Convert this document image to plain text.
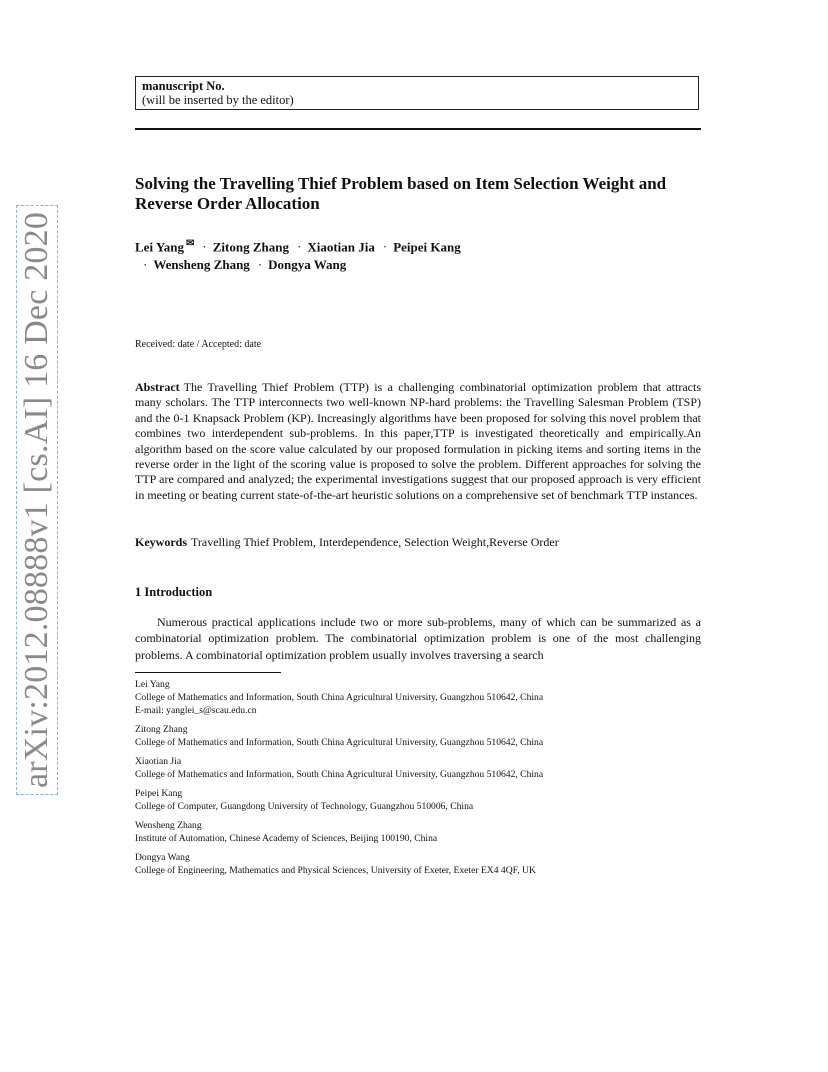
arXiv:2012.08888v1 [cs.AI] 16 Dec 2020
manuscript No.
(will be inserted by the editor)
Solving the Travelling Thief Problem based on Item Selection Weight and Reverse Order Allocation
Lei Yang ✉ · Zitong Zhang · Xiaotian Jia · Peipei Kang
· Wensheng Zhang · Dongya Wang
Received: date / Accepted: date
Abstract The Travelling Thief Problem (TTP) is a challenging combinatorial optimization problem that attracts many scholars. The TTP interconnects two well-known NP-hard problems: the Travelling Salesman Problem (TSP) and the 0-1 Knapsack Problem (KP). Increasingly algorithms have been proposed for solving this novel problem that combines two interdependent sub-problems. In this paper,TTP is investigated theoretically and empirically.An algorithm based on the score value calculated by our proposed formulation in picking items and sorting items in the reverse order in the light of the scoring value is proposed to solve the problem. Different approaches for solving the TTP are compared and analyzed; the experimental investigations suggest that our proposed approach is very efficient in meeting or beating current state-of-the-art heuristic solutions on a comprehensive set of benchmark TTP instances.
Keywords Travelling Thief Problem, Interdependence, Selection Weight,Reverse Order
1 Introduction
Numerous practical applications include two or more sub-problems, many of which can be summarized as a combinatorial optimization problem. The combinatorial optimization problem is one of the most challenging problems. A combinatorial optimization problem usually involves traversing a search
Lei Yang
College of Mathematics and Information, South China Agricultural University, Guangzhou 510642, China
E-mail: yanglei_s@scau.edu.cn
Zitong Zhang
College of Mathematics and Information, South China Agricultural University, Guangzhou 510642, China
Xiaotian Jia
College of Mathematics and Information, South China Agricultural University, Guangzhou 510642, China
Peipei Kang
College of Computer, Guangdong University of Technology, Guangzhou 510006, China
Wensheng Zhang
Institute of Automation, Chinese Academy of Sciences, Beijing 100190, China
Dongya Wang
College of Engineering, Mathematics and Physical Sciences, University of Exeter, Exeter EX4 4QF, UK
